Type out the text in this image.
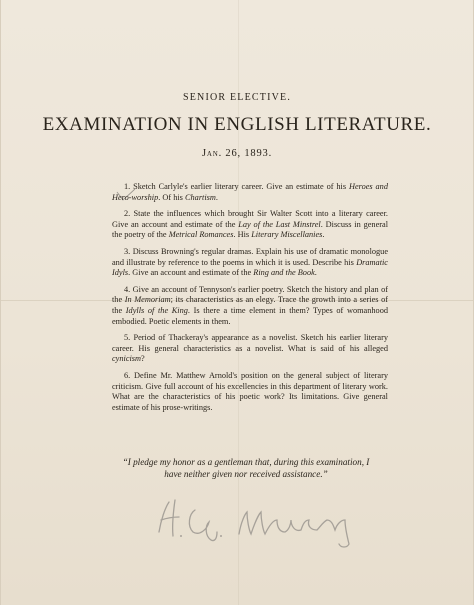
SENIOR ELECTIVE.
EXAMINATION IN ENGLISH LITERATURE.
Jan. 26, 1893.

1. Sketch Carlyle's earlier literary career. Give an estimate of his Heroes and Hero-worship. Of his Chartism.

2. State the influences which brought Sir Walter Scott into a literary career. Give an account and estimate of the Lay of the Last Minstrel. Discuss in general the poetry of the Metrical Romances. His Literary Miscellanies.

3. Discuss Browning's regular dramas. Explain his use of dramatic monologue and illustrate by reference to the poems in which it is used. Describe his Dramatic Idyls. Give an account and estimate of the Ring and the Book.

4. Give an account of Tennyson's earlier poetry. Sketch the history and plan of the In Memoriam; its characteristics as an elegy. Trace the growth into a series of the Idylls of the King. Is there a time element in them? Types of womanhood embodied. Poetic elements in them.

5. Period of Thackeray's appearance as a novelist. Sketch his earlier literary career. His general characteristics as a novelist. What is said of his alleged cynicism?

6. Define Mr. Matthew Arnold's position on the general subject of literary criticism. Give full account of his excellencies in this department of literary work. What are the characteristics of his poetic work? Its limitations. Give general estimate of his prose-writings.

“I pledge my honor as a gentleman that, during this examination, I
have neither given nor received assistance.”
